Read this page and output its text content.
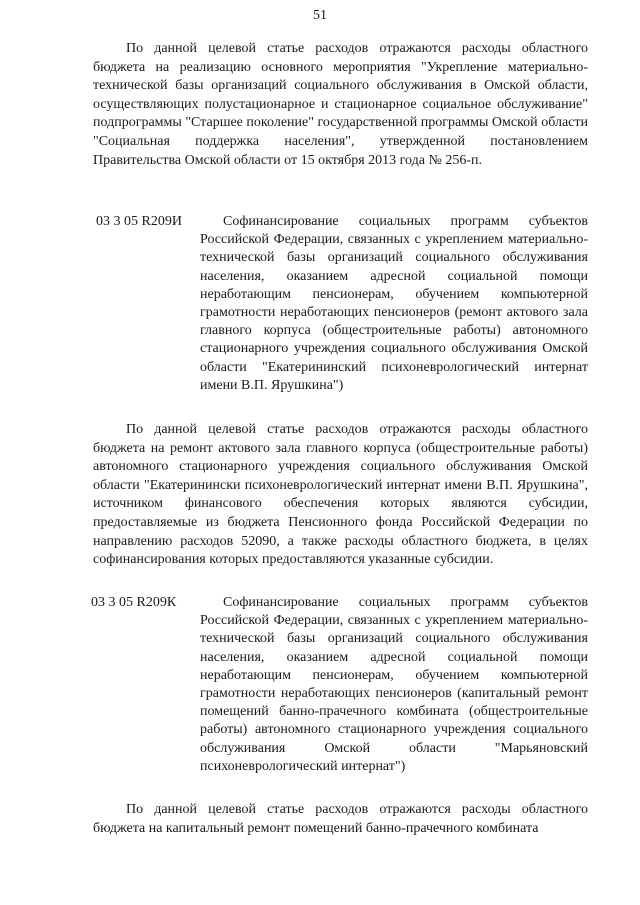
51
По данной целевой статье расходов отражаются расходы областного бюджета на реализацию основного мероприятия "Укрепление материально-технической базы организаций социального обслуживания в Омской области, осуществляющих полустационарное и стационарное социальное обслуживание" подпрограммы "Старшее поколение" государственной программы Омской области "Социальная поддержка населения", утвержденной постановлением Правительства Омской области от 15 октября 2013 года № 256-п.
03 3 05 R209И	Софинансирование социальных программ субъектов Российской Федерации, связанных с укреплением материально-технической базы организаций социального обслуживания населения, оказанием адресной социальной помощи неработающим пенсионерам, обучением компьютерной грамотности неработающих пенсионеров (ремонт актового зала главного корпуса (общестроительные работы) автономного стационарного учреждения социального обслуживания Омской области "Екатерининский психоневрологический интернат имени В.П. Ярушкина")
По данной целевой статье расходов отражаются расходы областного бюджета на ремонт актового зала главного корпуса (общестроительные работы) автономного стационарного учреждения социального обслуживания Омской области "Екатеринински психоневрологический интернат имени В.П. Ярушкина", источником финансового обеспечения которых являются субсидии, предоставляемые из бюджета Пенсионного фонда Российской Федерации по направлению расходов 52090, а также расходы областного бюджета, в целях софинансирования которых предоставляются указанные субсидии.
03 3 05 R209К	Софинансирование социальных программ субъектов Российской Федерации, связанных с укреплением материально-технической базы организаций социального обслуживания населения, оказанием адресной социальной помощи неработающим пенсионерам, обучением компьютерной грамотности неработающих пенсионеров (капитальный ремонт помещений банно-прачечного комбината (общестроительные работы) автономного стационарного учреждения социального обслуживания Омской области "Марьяновский психоневрологический интернат")
По данной целевой статье расходов отражаются расходы областного бюджета на капитальный ремонт помещений банно-прачечного комбината
